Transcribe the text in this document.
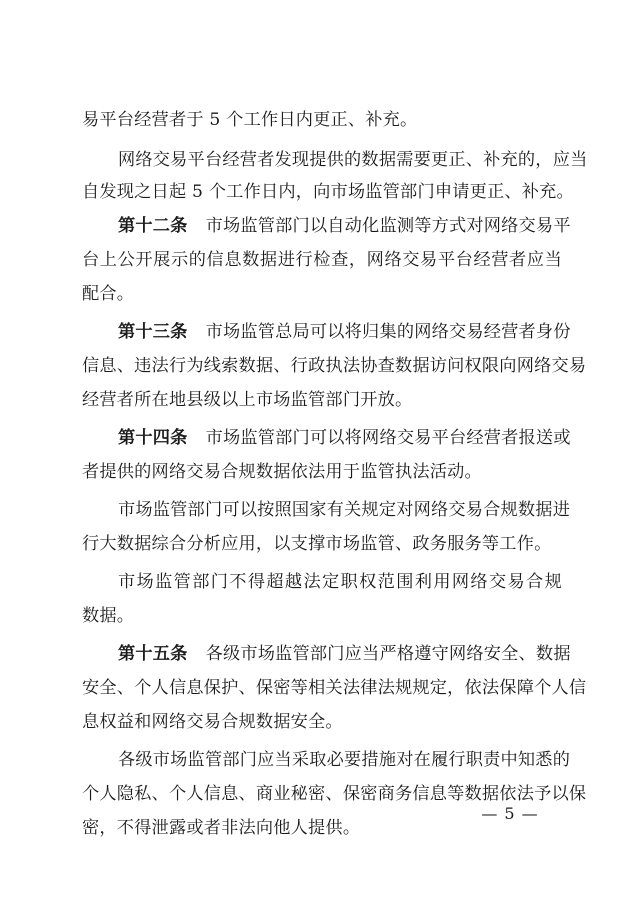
易平台经营者于 5 个工作日内更正、补充。
网络交易平台经营者发现提供的数据需要更正、补充的，应当
自发现之日起 5 个工作日内，向市场监管部门申请更正、补充。
第十二条 市场监管部门以自动化监测等方式对网络交易平
台上公开展示的信息数据进行检查，网络交易平台经营者应当
配合。
第十三条 市场监管总局可以将归集的网络交易经营者身份
信息、违法行为线索数据、行政执法协查数据访问权限向网络交易
经营者所在地县级以上市场监管部门开放。
第十四条 市场监管部门可以将网络交易平台经营者报送或
者提供的网络交易合规数据依法用于监管执法活动。
市场监管部门可以按照国家有关规定对网络交易合规数据进
行大数据综合分析应用，以支撑市场监管、政务服务等工作。
市场监管部门不得超越法定职权范围利用网络交易合规
数据。
第十五条 各级市场监管部门应当严格遵守网络安全、数据
安全、个人信息保护、保密等相关法律法规规定，依法保障个人信
息权益和网络交易合规数据安全。
各级市场监管部门应当采取必要措施对在履行职责中知悉的
个人隐私、个人信息、商业秘密、保密商务信息等数据依法予以保
密，不得泄露或者非法向他人提供。
— 5 —
